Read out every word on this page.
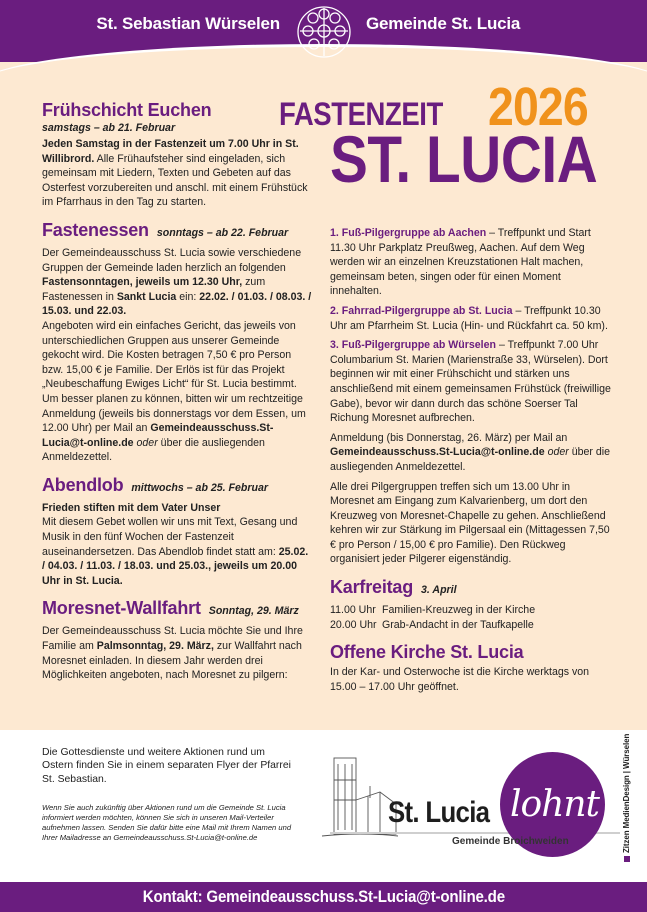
St. Sebastian Würselen	Gemeinde St. Lucia
FASTENZEIT 2026
ST. LUCIA
Frühschicht Euchen
samstags – ab 21. Februar
Jeden Samstag in der Fastenzeit um 7.00 Uhr in St. Willibrord. Alle Frühaufsteher sind eingeladen, sich gemeinsam mit Liedern, Texten und Gebeten auf das Osterfest vorzubereiten und anschl. mit einem Frühstück im Pfarrhaus in den Tag zu starten.
Fastenessen sonntags – ab 22. Februar
Der Gemeindeausschuss St. Lucia sowie verschiedene Gruppen der Gemeinde laden herzlich an folgenden Fastensonntagen, jeweils um 12.30 Uhr, zum Fastenessen in Sankt Lucia ein: 22.02. / 01.03. / 08.03. / 15.03. und 22.03.
Angeboten wird ein einfaches Gericht, das jeweils von unterschiedlichen Gruppen aus unserer Gemeinde gekocht wird. Die Kosten betragen 7,50 € pro Person bzw. 15,00 € je Familie. Der Erlös ist für das Projekt „Neubeschaffung Ewiges Licht“ für St. Lucia bestimmt. Um besser planen zu können, bitten wir um rechtzeitige Anmeldung (jeweils bis donnerstags vor dem Essen, um 12.00 Uhr) per Mail an Gemeindeausschuss.St-Lucia@t-online.de oder über die ausliegenden Anmeldezettel.
Abendlob mittwochs – ab 25. Februar
Frieden stiften mit dem Vater Unser
Mit diesem Gebet wollen wir uns mit Text, Gesang und Musik in den fünf Wochen der Fastenzeit auseinandersetzen. Das Abendlob findet statt am: 25.02. / 04.03. / 11.03. / 18.03. und 25.03., jeweils um 20.00 Uhr in St. Lucia.
Moresnet-Wallfahrt Sonntag, 29. März
Der Gemeindeausschuss St. Lucia möchte Sie und Ihre Familie am Palmsonntag, 29. März, zur Wallfahrt nach Moresnet einladen. In diesem Jahr werden drei Möglichkeiten angeboten, nach Moresnet zu pilgern:
1. Fuß-Pilgergruppe ab Aachen – Treffpunkt und Start 11.30 Uhr Parkplatz Preußweg, Aachen. Auf dem Weg werden wir an einzelnen Kreuzstationen Halt machen, gemeinsam beten, singen oder für einen Moment innehalten.
2. Fahrrad-Pilgergruppe ab St. Lucia – Treffpunkt 10.30 Uhr am Pfarrheim St. Lucia (Hin- und Rückfahrt ca. 50 km).
3. Fuß-Pilgergruppe ab Würselen – Treffpunkt 7.00 Uhr Columbarium St. Marien (Marienstraße 33, Würselen). Dort beginnen wir mit einer Frühschicht und stärken uns anschließend mit einem gemeinsamen Frühstück (freiwillige Gabe), bevor wir dann durch das schöne Soerser Tal Richung Moresnet aufbrechen.
Anmeldung (bis Donnerstag, 26. März) per Mail an Gemeindeausschuss.St-Lucia@t-online.de oder über die ausliegenden Anmeldezettel.
Alle drei Pilgergruppen treffen sich um 13.00 Uhr in Moresnet am Eingang zum Kalvarienberg, um dort den Kreuzweg von Moresnet-Chapelle zu gehen. Anschließend kehren wir zur Stärkung im Pilgersaal ein (Mittagessen 7,50 € pro Person / 15,00 € pro Familie). Den Rückweg organisiert jeder Pilgerer eigenständig.
Karfreitag 3. April
11.00 Uhr Familien-Kreuzweg in der Kirche
20.00 Uhr Grab-Andacht in der Taufkapelle
Offene Kirche St. Lucia
In der Kar- und Osterwoche ist die Kirche werktags von 15.00 – 17.00 Uhr geöffnet.
Die Gottesdienste und weitere Aktionen rund um Ostern finden Sie in einem separaten Flyer der Pfarrei St. Sebastian.
Wenn Sie auch zukünftig über Aktionen rund um die Gemeinde St. Lucia informiert werden möchten, können Sie sich in unseren Mail-Verteiler aufnehmen lassen. Senden Sie dafür bitte eine Mail mit Ihrem Namen und Ihrer Mailadresse an Gemeindeausschuss.St-Lucia@t-online.de
St. Lucia lohnt
Gemeinde Broichweiden	Zitzen MedienDesign | Würselen
Kontakt: Gemeindeausschuss.St-Lucia@t-online.de
